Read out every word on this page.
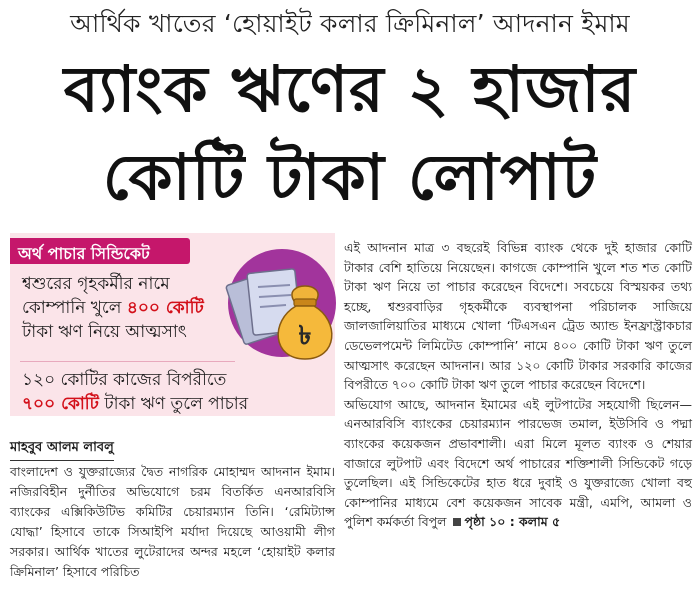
আর্থিক খাতের ‘হোয়াইট কলার ক্রিমিনাল’ আদনান ইমাম
ব্যাংক ঋণের ২ হাজার
কোটি টাকা লোপাট
অর্থ পাচার সিন্ডিকেট
শ্বশুরের গৃহকর্মীর নামে
কোম্পানি খুলে ৪০০ কোটি
টাকা ঋণ নিয়ে আত্মসাৎ
১২০ কোটির কাজের বিপরীতে
৭০০ কোটি টাকা ঋণ তুলে পাচার
৳
মাহবুব আলম লাবলু
বাংলাদেশ ও যুক্তরাজ্যের দ্বৈত নাগরিক মোহাম্মদ আদনান ইমাম। নজিরবিহীন দুর্নীতির অভিযোগে চরম বিতর্কিত এনআরবিসি ব্যাংকের এক্সিকিউটিভ কমিটির চেয়ারম্যান তিনি। ‘রেমিট্যান্স যোদ্ধা’ হিসাবে তাকে সিআইপি মর্যাদা দিয়েছে আওয়ামী লীগ সরকার। আর্থিক খাতের লুটেরাদের অন্দর মহলে ‘হোয়াইট কলার ক্রিমিনাল’ হিসাবে পরিচিত
এই আদনান মাত্র ৩ বছরেই বিভিন্ন ব্যাংক থেকে দুই হাজার কোটি টাকার বেশি হাতিয়ে নিয়েছেন। কাগজে কোম্পানি খুলে শত শত কোটি টাকা ঋণ নিয়ে তা পাচার করেছেন বিদেশে। সবচেয়ে বিস্ময়কর তথ্য হচ্ছে, শ্বশুরবাড়ির গৃহকর্মীকে ব্যবস্থাপনা পরিচালক সাজিয়ে জালজালিয়াতির মাধ্যমে খোলা ‘টিএসএন ট্রেড অ্যান্ড ইনফ্রাস্ট্রাকচার ডেভেলপমেন্ট লিমিটেড কোম্পানি’ নামে ৪০০ কোটি টাকা ঋণ তুলে আত্মসাৎ করেছেন আদনান। আর ১২০ কোটি টাকার সরকারি কাজের বিপরীতে ৭০০ কোটি টাকা ঋণ তুলে পাচার করেছেন বিদেশে।
অভিযোগ আছে, আদনান ইমামের এই লুটপাটের সহযোগী ছিলেন—এনআরবিসি ব্যাংকের চেয়ারম্যান পারভেজ তমাল, ইউসিবি ও পদ্মা ব্যাংকের কয়েকজন প্রভাবশালী। এরা মিলে মূলত ব্যাংক ও শেয়ার বাজারে লুটপাট এবং বিদেশে অর্থ পাচারের শক্তিশালী সিন্ডিকেট গড়ে তুলেছিল। এই সিন্ডিকেটের হাত ধরে দুবাই ও যুক্তরাজ্যে খোলা বহু কোম্পানির মাধ্যমে বেশ কয়েকজন সাবেক মন্ত্রী, এমপি, আমলা ও পুলিশ কর্মকর্তা বিপুল পৃষ্ঠা ১০ : কলাম ৫
